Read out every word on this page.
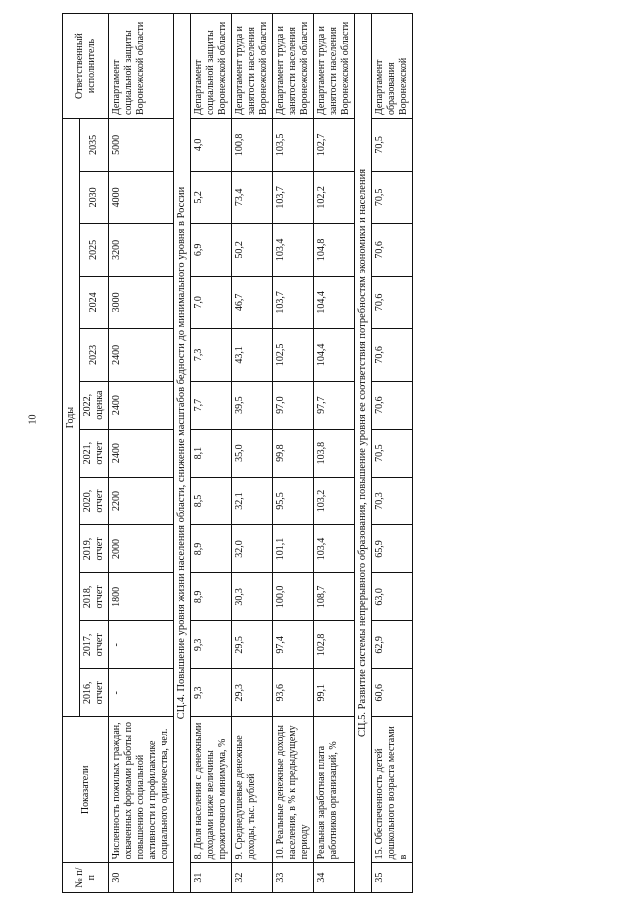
10
№ п/п	Показатели	Годы												Ответственный исполнитель
		2016, отчет	2017, отчет	2018, отчет	2019, отчет	2020, отчет	2021, отчет	2022, оценка	2023	2024	2025	2030	2035	
30	Численность пожилых граждан, охваченных формами работы по повышению социальной активности и профилактике социального одиночества, чел.	-	-	1800	2000	2200	2400	2400	2400	3000	3200	4000	5000	Департамент социальной защиты Воронежской области
СЦ.4. Повышение уровня жизни населения области, снижение масштабов бедности до минимального уровня в России														
31	8. Доля населения с денежными доходами ниже величины прожиточного минимума, %	9,3	9,3	8,9	8,9	8,5	8,1	7,7	7,3	7,0	6,9	5,2	4,0	Департамент социальной защиты Воронежской области
32	9. Среднедушевые денежные доходы, тыс. рублей	29,3	29,5	30,3	32,0	32,1	35,0	39,5	43,1	46,7	50,2	73,4	100,8	Департамент труда и занятости населения Воронежской области
33	10. Реальные денежные доходы населения, в % к предыдущему периоду	93,6	97,4	100,0	101,1	95,5	99,8	97,0	102,5	103,7	103,4	103,7	103,5	Департамент труда и занятости населения Воронежской области
34	Реальная заработная плата работников организаций, %	99,1	102,8	108,7	103,4	103,2	103,8	97,7	104,4	104,4	104,8	102,2	102,7	Департамент труда и занятости населения Воронежской области
СЦ.5. Развитие системы непрерывного образования, повышение уровня ее соответствия потребностям экономики и населения														
35	15. Обеспеченность детей дошкольного возраста местами в	60,6	62,9	63,0	65,9	70,3	70,5	70,6	70,6	70,6	70,6	70,5	70,5	Департамент образования Воронежской
